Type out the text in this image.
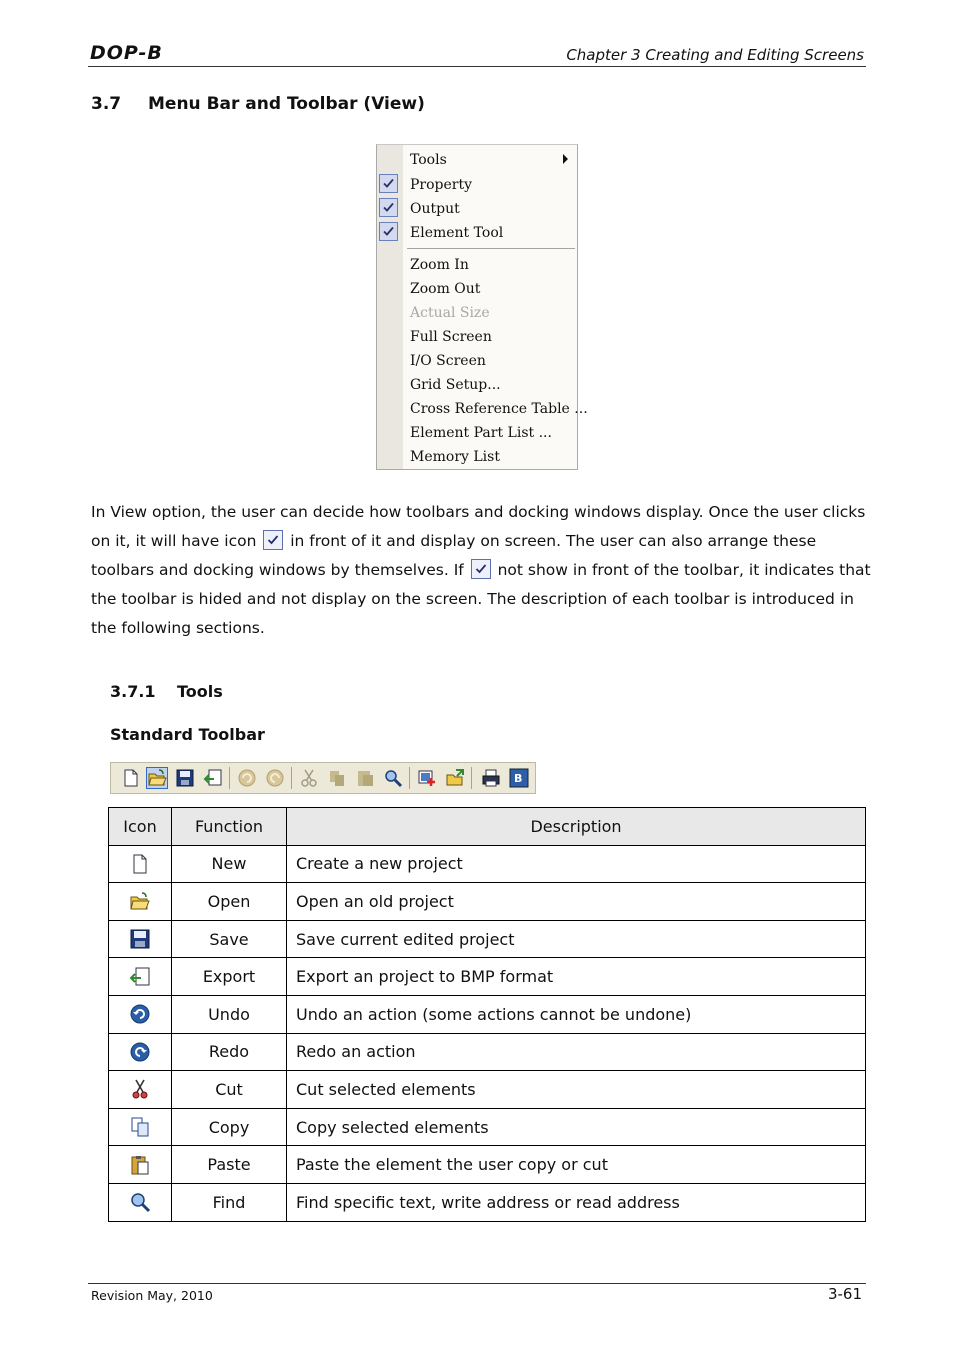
DOP-B	Chapter 3 Creating and Editing Screens
3.7 Menu Bar and Toolbar (View)
Tools
Property
Output
Element Tool
Zoom In
Zoom Out
Actual Size
Full Screen
I/O Screen
Grid Setup...
Cross Reference Table ...
Element Part List ...
Memory List
In View option, the user can decide how toolbars and docking windows display. Once the user clicks on it, it will have icon
in front of it and display on screen. The user can also arrange these toolbars and docking windows by themselves. If
not show in front of the toolbar, it indicates that the toolbar is hided and not display on the screen. The description of each toolbar is introduced in the following sections.
3.7.1 Tools
Standard Toolbar
B
Icon	Function	Description
	New	Create a new project
	Open	Open an old project
	Save	Save current edited project
	Export	Export an project to BMP format
	Undo	Undo an action (some actions cannot be undone)
	Redo	Redo an action
	Cut	Cut selected elements
	Copy	Copy selected elements
	Paste	Paste the element the user copy or cut
	Find	Find specific text, write address or read address
Revision May, 2010	3-61
